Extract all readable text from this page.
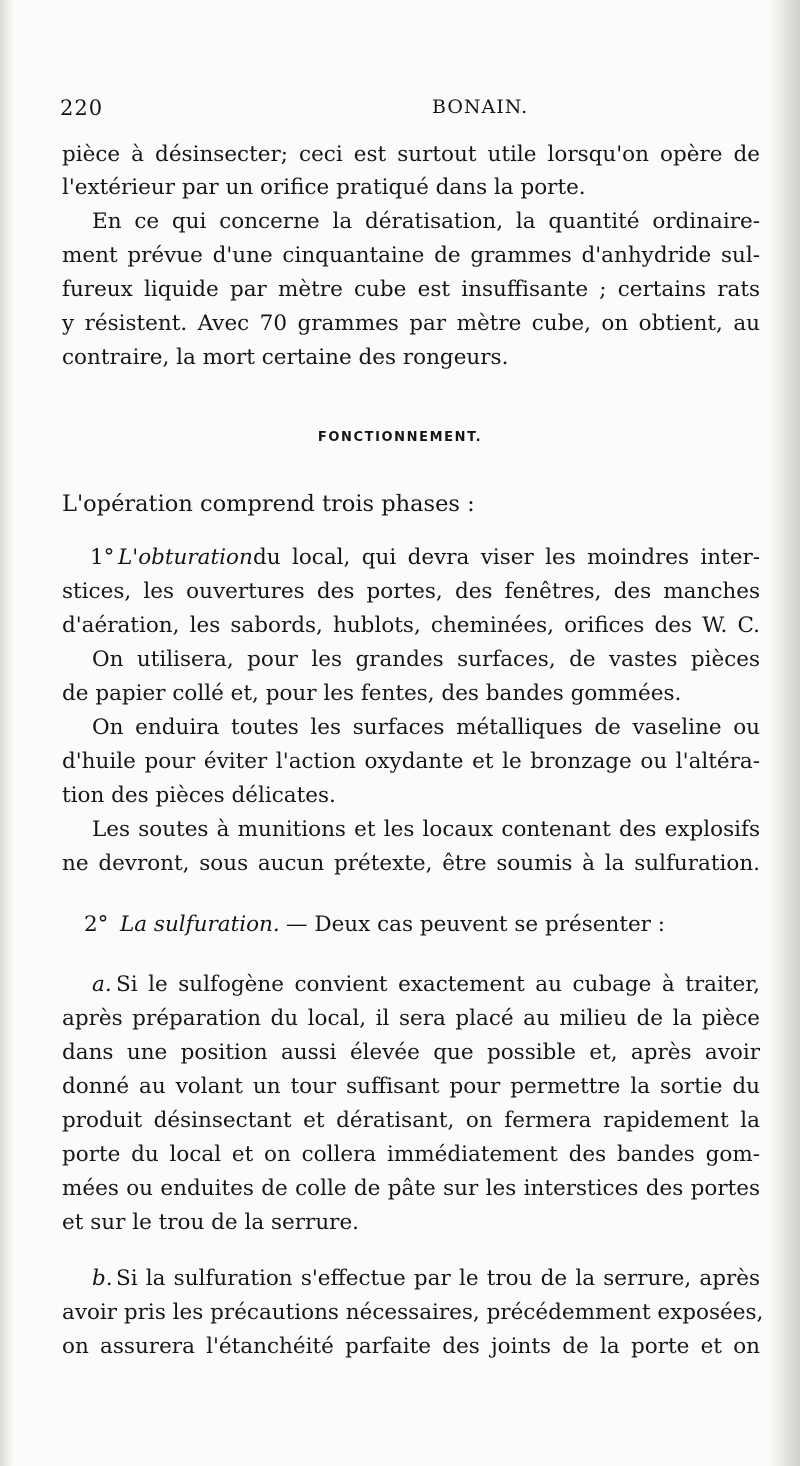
220	BONAIN.
pièce à désinsecter; ceci est surtout utile lorsqu'on opère de
l'extérieur par un orifice pratiqué dans la porte.
En ce qui concerne la dératisation, la quantité ordinaire-
ment prévue d'une cinquantaine de grammes d'anhydride sul-
fureux liquide par mètre cube est insuffisante ; certains rats
y résistent. Avec 70 grammes par mètre cube, on obtient, au
contraire, la mort certaine des rongeurs.
FONCTIONNEMENT.
L'opération comprend trois phases :
1° L'obturation du local, qui devra viser les moindres inter-
stices, les ouvertures des portes, des fenêtres, des manches
d'aération, les sabords, hublots, cheminées, orifices des W. C.
On utilisera, pour les grandes surfaces, de vastes pièces
de papier collé et, pour les fentes, des bandes gommées.
On enduira toutes les surfaces métalliques de vaseline ou
d'huile pour éviter l'action oxydante et le bronzage ou l'altéra-
tion des pièces délicates.
Les soutes à munitions et les locaux contenant des explosifs
ne devront, sous aucun prétexte, être soumis à la sulfuration.
2° La sulfuration. — Deux cas peuvent se présenter :
a. Si le sulfogène convient exactement au cubage à traiter,
après préparation du local, il sera placé au milieu de la pièce
dans une position aussi élevée que possible et, après avoir
donné au volant un tour suffisant pour permettre la sortie du
produit désinsectant et dératisant, on fermera rapidement la
porte du local et on collera immédiatement des bandes gom-
mées ou enduites de colle de pâte sur les interstices des portes
et sur le trou de la serrure.
b. Si la sulfuration s'effectue par le trou de la serrure, après
avoir pris les précautions nécessaires, précédemment exposées,
on assurera l'étanchéité parfaite des joints de la porte et on
